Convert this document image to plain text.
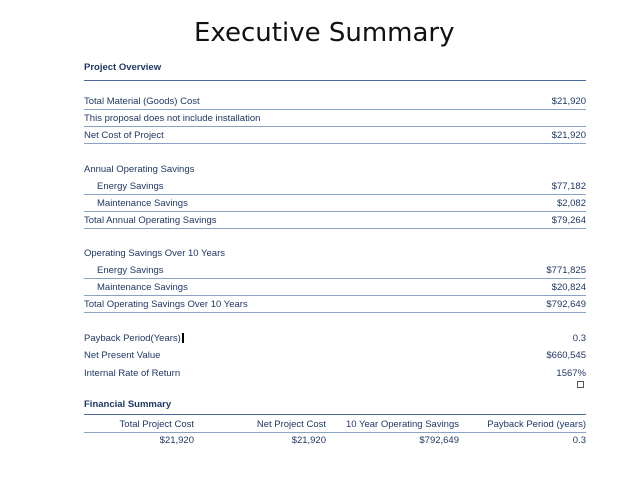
Executive Summary
Project Overview
Total Material (Goods) Cost	$21,920
This proposal does not include installation
Net Cost of Project	$21,920
Annual Operating Savings
Energy Savings	$77,182
Maintenance Savings	$2,082
Total Annual Operating Savings	$79,264
Operating Savings Over 10 Years
Energy Savings	$771,825
Maintenance Savings	$20,824
Total Operating Savings Over 10 Years	$792,649
Payback Period(Years)	0.3
Net Present Value	$660,545
Internal Rate of Return	1567%
Financial Summary
Total Project Cost	Net Project Cost	10 Year Operating Savings	Payback Period (years)
$21,920	$21,920	$792,649	0.3
